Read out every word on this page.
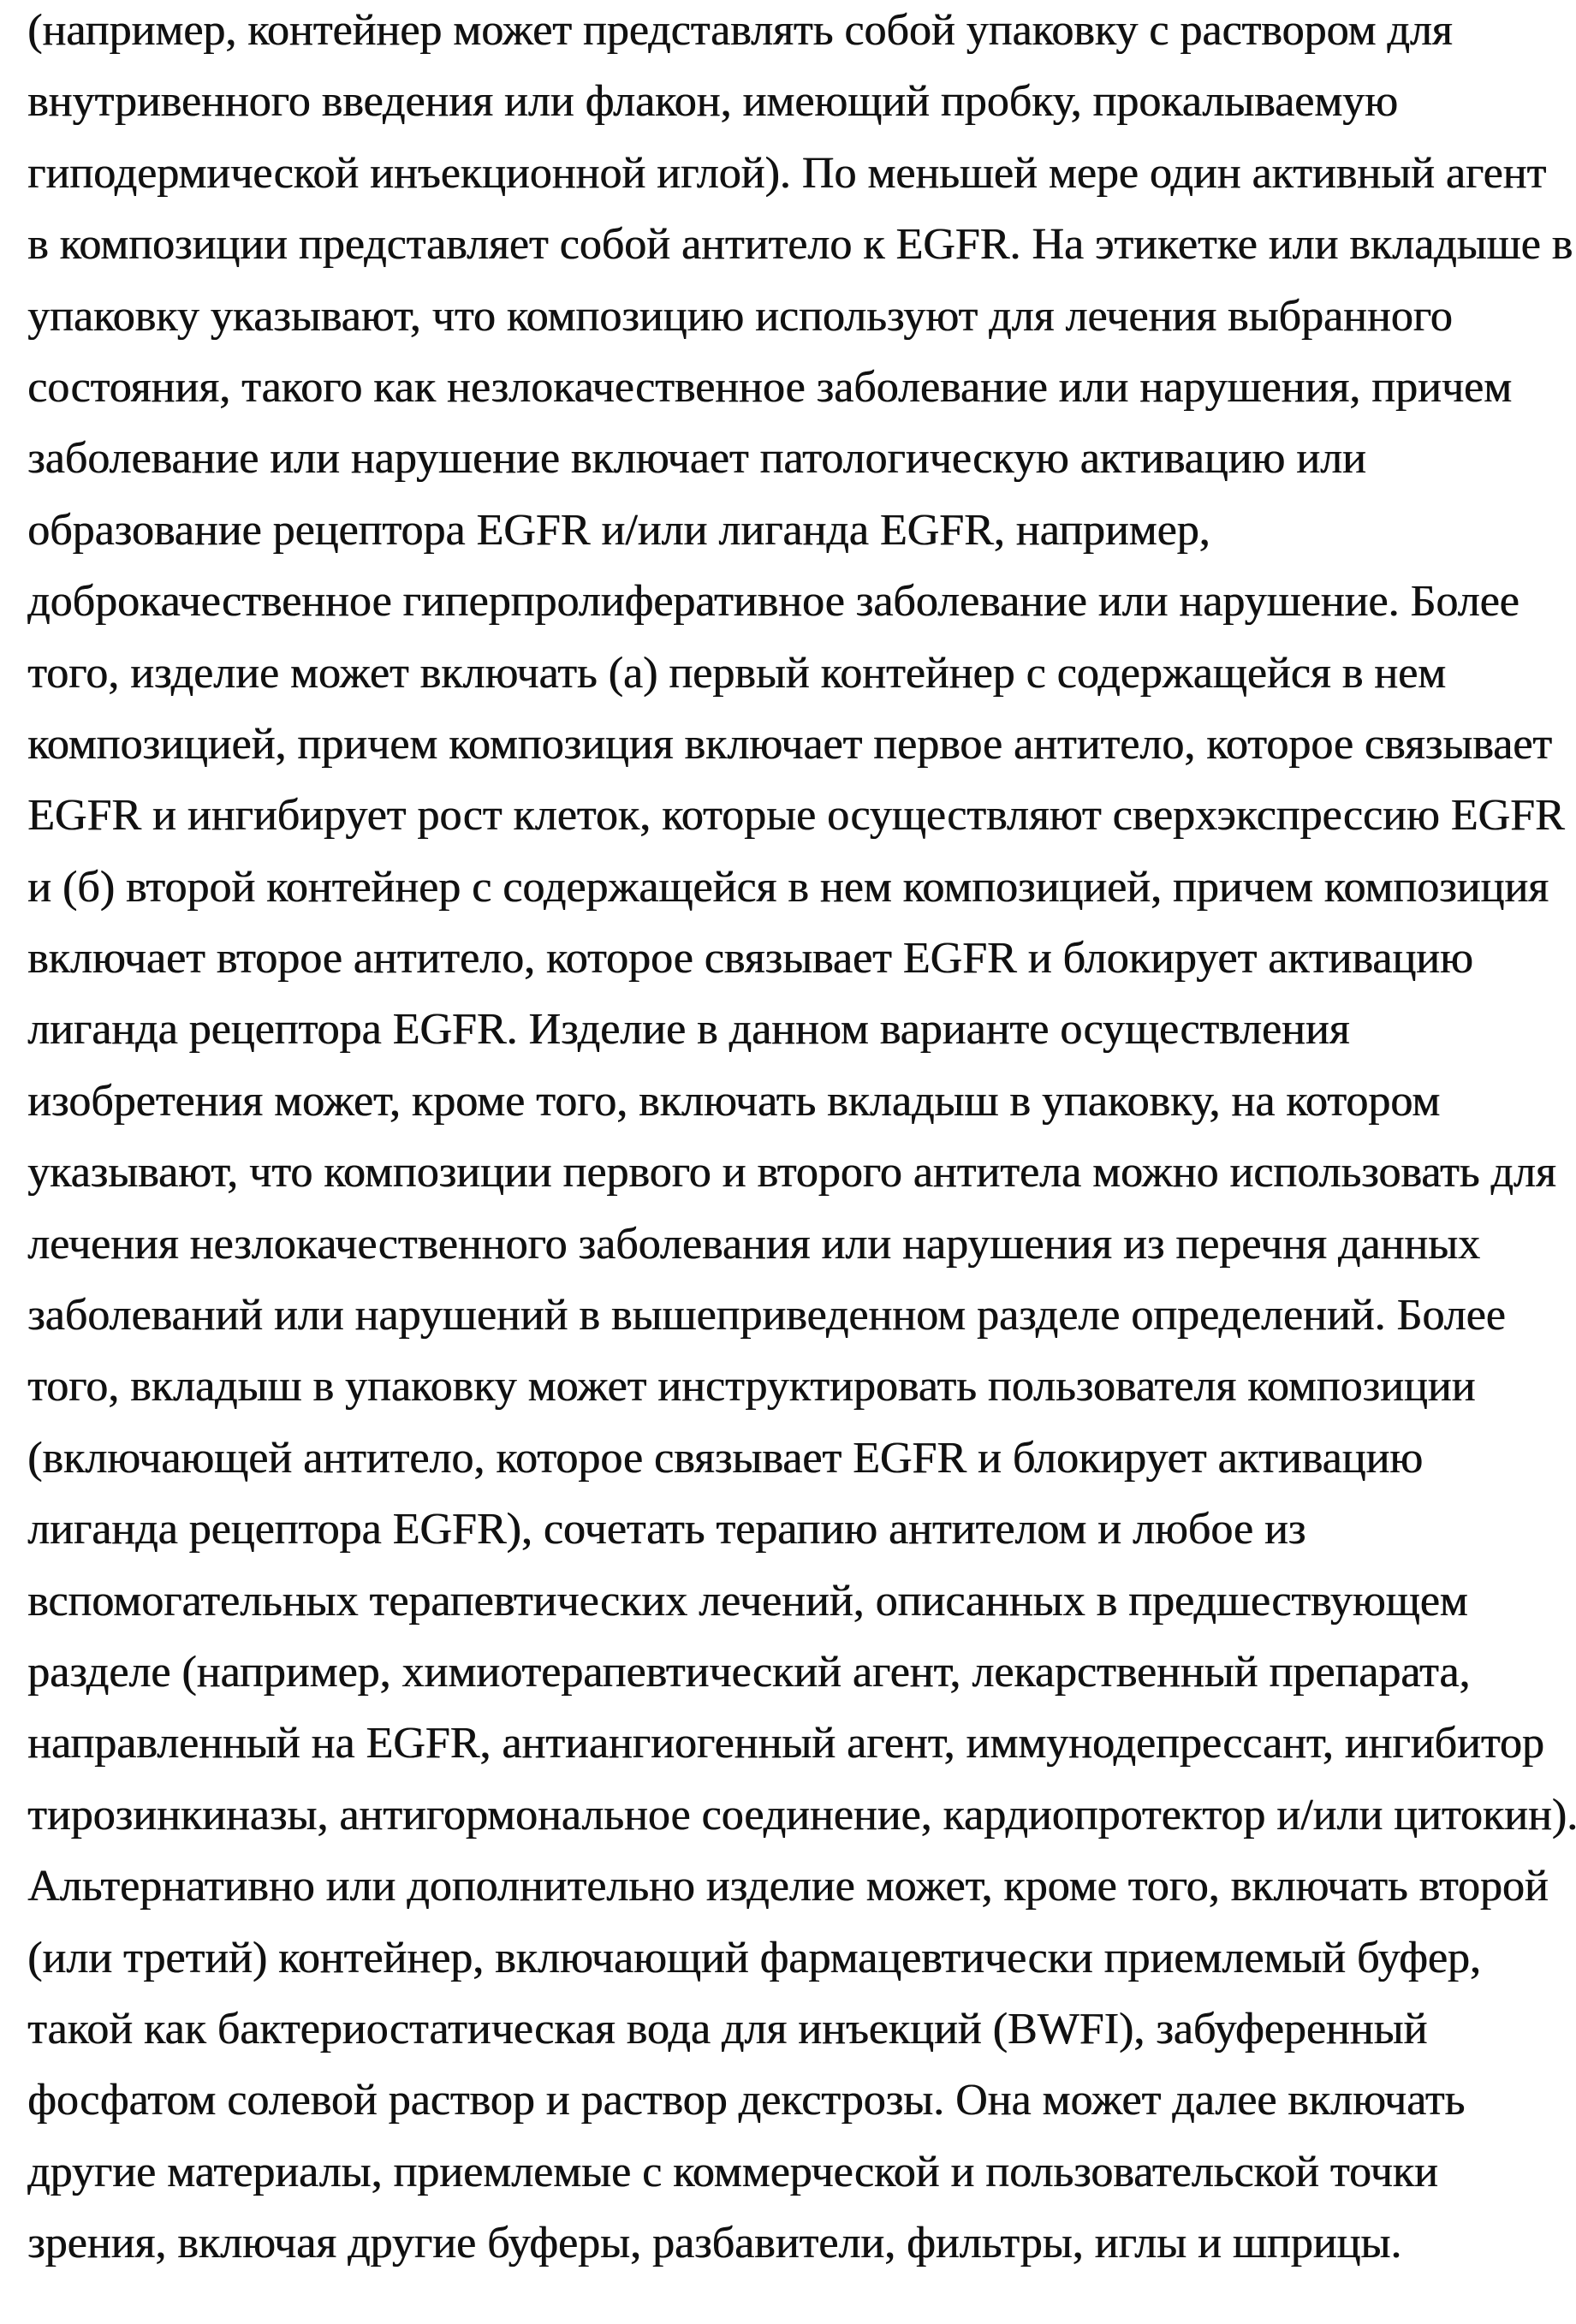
(например, контейнер может представлять собой упаковку с раствором для
внутривенного введения или флакон, имеющий пробку, прокалываемую
гиподермической инъекционной иглой). По меньшей мере один активный агент
в композиции представляет собой антитело к EGFR. На этикетке или вкладыше в
упаковку указывают, что композицию используют для лечения выбранного
состояния, такого как незлокачественное заболевание или нарушения, причем
заболевание или нарушение включает патологическую активацию или
образование рецептора EGFR и/или лиганда EGFR, например,
доброкачественное гиперпролиферативное заболевание или нарушение. Более
того, изделие может включать (а) первый контейнер с содержащейся в нем
композицией, причем композиция включает первое антитело, которое связывает
EGFR и ингибирует рост клеток, которые осуществляют сверхэкспрессию EGFR
и (б) второй контейнер с содержащейся в нем композицией, причем композиция
включает второе антитело, которое связывает EGFR и блокирует активацию
лиганда рецептора EGFR. Изделие в данном варианте осуществления
изобретения может, кроме того, включать вкладыш в упаковку, на котором
указывают, что композиции первого и второго антитела можно использовать для
лечения незлокачественного заболевания или нарушения из перечня данных
заболеваний или нарушений в вышеприведенном разделе определений. Более
того, вкладыш в упаковку может инструктировать пользователя композиции
(включающей антитело, которое связывает EGFR и блокирует активацию
лиганда рецептора EGFR), сочетать терапию антителом и любое из
вспомогательных терапевтических лечений, описанных в предшествующем
разделе (например, химиотерапевтический агент, лекарственный препарата,
направленный на EGFR, антиангиогенный агент, иммунодепрессант, ингибитор
тирозинкиназы, антигормональное соединение, кардиопротектор и/или цитокин).
Альтернативно или дополнительно изделие может, кроме того, включать второй
(или третий) контейнер, включающий фармацевтически приемлемый буфер,
такой как бактериостатическая вода для инъекций (BWFI), забуференный
фосфатом солевой раствор и раствор декстрозы. Она может далее включать
другие материалы, приемлемые с коммерческой и пользовательской точки
зрения, включая другие буферы, разбавители, фильтры, иглы и шприцы.
